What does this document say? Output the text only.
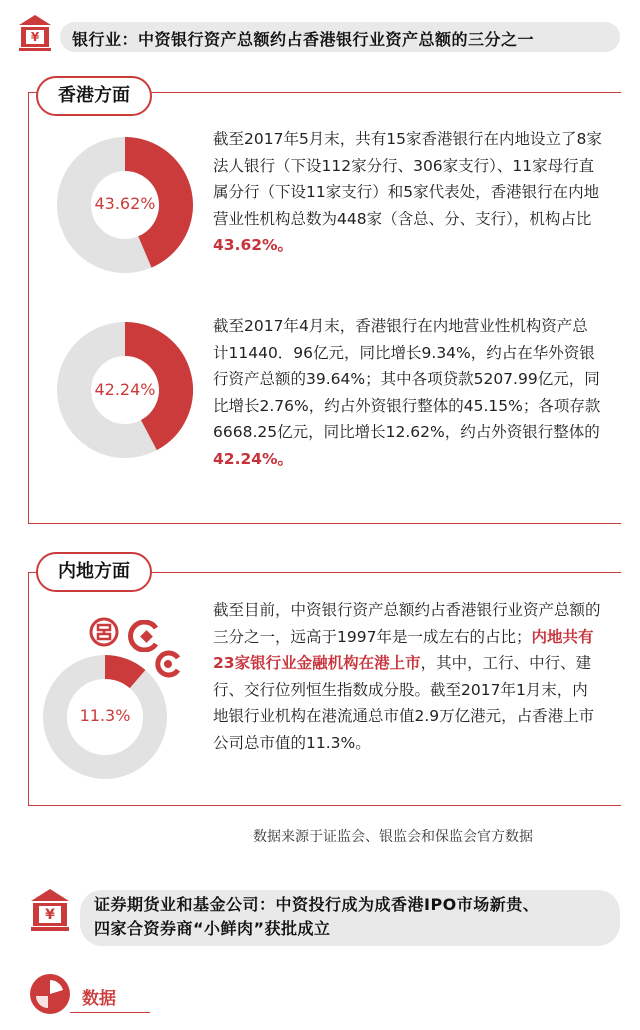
¥ 银行业：中资银行资产总额约占香港银行业资产总额的三分之一
香港方面
43.62%
截至2017年5月末，共有15家香港银行在内地设立了8家法人银行（下设112家分行、306家支行）、11家母行直属分行（下设11家支行）和5家代表处，香港银行在内地营业性机构总数为448家（含总、分、支行），机构占比43.62%。
42.24%
截至2017年4月末，香港银行在内地营业性机构资产总计11440．96亿元，同比增长9.34%，约占在华外资银行资产总额的39.64%；其中各项贷款5207.99亿元，同比增长2.76%，约占外资银行整体的45.15%；各项存款6668.25亿元，同比增长12.62%，约占外资银行整体的42.24%。
内地方面
11.3%
截至目前，中资银行资产总额约占香港银行业资产总额的三分之一，远高于1997年是一成左右的占比；内地共有23家银行业金融机构在港上市，其中，工行、中行、建行、交行位列恒生指数成分股。截至2017年1月末，内地银行业机构在港流通总市值2.9万亿港元，占香港上市公司总市值的11.3%。
数据来源于证监会、银监会和保监会官方数据
¥
证券期货业和基金公司：中资投行成为成香港IPO市场新贵、
四家合资券商“小鲜肉”获批成立
数据
